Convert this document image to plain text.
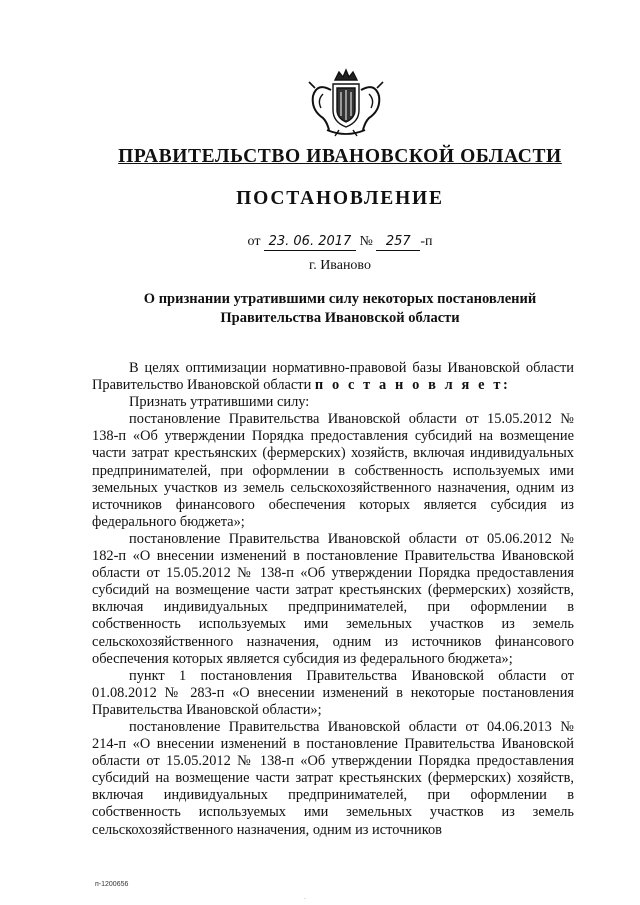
ПРАВИТЕЛЬСТВО ИВАНОВСКОЙ ОБЛАСТИ
ПОСТАНОВЛЕНИЕ
от 23. 06. 2017 № 257 -п
г. Иваново
О признании утратившими силу некоторых постановлений
Правительства Ивановской области

В целях оптимизации нормативно-правовой базы Ивановской области Правительство Ивановской области п о с т а н о в л я е т:

Признать утратившими силу:

постановление Правительства Ивановской области от 15.05.2012 № 138-п «Об утверждении Порядка предоставления субсидий на возмещение части затрат крестьянских (фермерских) хозяйств, включая индивидуальных предпринимателей, при оформлении в собственность используемых ими земельных участков из земель сельскохозяйственного назначения, одним из источников финансового обеспечения которых является субсидия из федерального бюджета»;

постановление Правительства Ивановской области от 05.06.2012 № 182-п «О внесении изменений в постановление Правительства Ивановской области от 15.05.2012 № 138-п «Об утверждении Порядка предоставления субсидий на возмещение части затрат крестьянских (фермерских) хозяйств, включая индивидуальных предпринимателей, при оформлении в собственность используемых ими земельных участков из земель сельскохозяйственного назначения, одним из источников финансового обеспечения которых является субсидия из федерального бюджета»;

пункт 1 постановления Правительства Ивановской области от 01.08.2012 № 283-п «О внесении изменений в некоторые постановления Правительства Ивановской области»;

постановление Правительства Ивановской области от 04.06.2013 № 214-п «О внесении изменений в постановление Правительства Ивановской области от 15.05.2012 № 138-п «Об утверждении Порядка предоставления субсидий на возмещение части затрат крестьянских (фермерских) хозяйств, включая индивидуальных предпринимателей, при оформлении в собственность используемых ими земельных участков из земель сельскохозяйственного назначения, одним из источников

п-1200656
·
